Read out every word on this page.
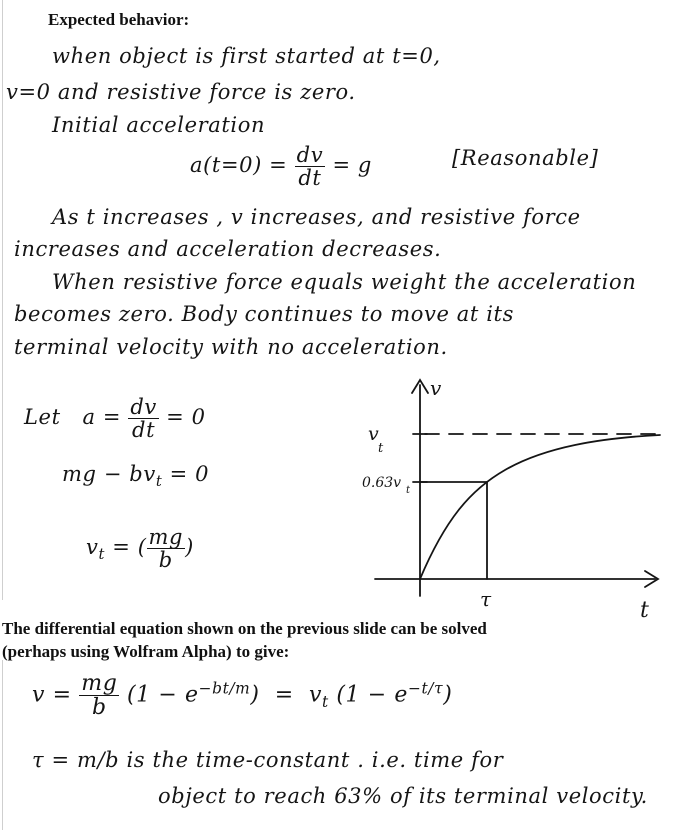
Expected behavior:
when object is first started at t=0,
v=0 and resistive force is zero.
Initial acceleration
$a(t=0) = \frac{dv}{dt} = g$	[Reasonable]
As t increases , v increases, and resistive force
increases and acceleration decreases.
When resistive force equals weight the acceleration
becomes zero. Body continues to move at its
terminal velocity with no acceleration.
Let $a = \frac{dv}{dt} = 0$
mg − $bv_t = 0$
$v_t$ = ( $\frac{mg}{b}$ )
v
t
v
t
0.63v t
τ
The differential equation shown on the previous slide can be solved
(perhaps using Wolfram Alpha) to give:
$v = \frac{mg}{b} (1 - e^{-bt/m}) = v_t$ $(1 - e^{-t/\tau})$
τ = m/b is the time-constant . i.e. time for
object to reach 63% of its terminal velocity.
